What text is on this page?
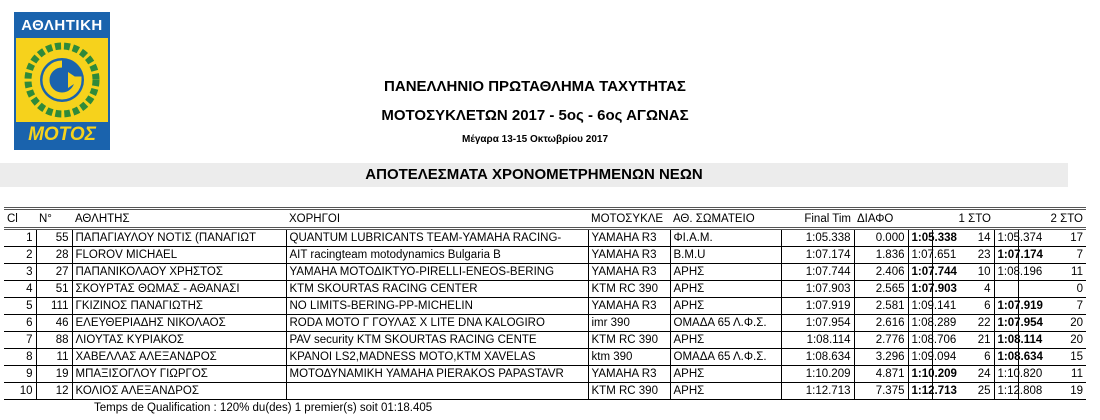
ΑΘΛΗΤΙΚΗ
ΜΟΤΟΣ
ΠΑΝΕΛΛΗΝΙΟ ΠΡΩΤΑΘΛΗΜΑ ΤΑΧΥΤΗΤΑΣ
ΜΟΤΟΣΥΚΛΕΤΩΝ 2017 - 5ος - 6ος ΑΓΩΝΑΣ
Μέγαρα 13-15 Οκτωβρίου 2017
ΑΠΟΤΕΛΕΣΜΑΤΑ ΧΡΟΝΟΜΕΤΡΗΜΕΝΩΝ ΝΕΩΝ
Cl	N°	ΑΘΛΗΤΗΣ	ΧΟΡΗΓΟΙ	ΜΟΤΟΣΥΚΛΕ	ΑΘ. ΣΩΜΑΤΕΙΟ	Final Tim	ΔΙΑΦΟ	1 ΣΤΟ		2 ΣΤΟ	
1	55	ΠΑΠΑΓΙΑΥΛΟΥ ΝΟΤΙΣ (ΠΑΝΑΓΙΩΤ	QUANTUM LUBRICANTS TEAM-YAMAHA RACING-	YAMAHA R3	ΦΙ.Α.Μ.	1:05.338	0.000	1:05.338	14	1:05.374	17
2	28	FLOROV MICHAEL	AIT racingteam motodynamics Bulgaria B	YAMAHA R3	B.M.U	1:07.174	1.836	1:07.651	23	1:07.174	7
3	27	ΠΑΠΑΝΙΚΟΛΑΟΥ ΧΡΗΣΤΟΣ	YAMAHA ΜΟΤΟΔΙΚΤΥΟ-PIRELLI-ENEOS-BERING	YAMAHA R3	ΑΡΗΣ	1:07.744	2.406	1:07.744	10	1:08.196	11
4	51	ΣΚΟΥΡΤΑΣ ΘΩΜΑΣ - ΑΘΑΝΑΣΙ	KTM SKOURTAS RACING CENTER	KTM RC 390	ΑΡΗΣ	1:07.903	2.565	1:07.903	4		0
5	111	ΓΚΙΖΙΝΟΣ ΠΑΝΑΓΙΩΤΗΣ	NO LIMITS-BERING-PP-MICHELIN	YAMAHA R3	ΑΡΗΣ	1:07.919	2.581	1:09.141	6	1:07.919	7
6	46	ΕΛΕΥΘΕΡΙΑΔΗΣ ΝΙΚΟΛΑΟΣ	RODA MOTO Γ ΓΟΥΛΑΣ X LITE DNA KALOGIRO	imr 390	ΟΜΑΔΑ 65 Λ.Φ.Σ.	1:07.954	2.616	1:08.289	22	1:07.954	20
7	88	ΛΙΟΥΤΑΣ ΚΥΡΙΑΚΟΣ	PAV security KTM SKOURTAS RACING CENTE	KTM RC 390	ΑΡΗΣ	1:08.114	2.776	1:08.706	21	1:08.114	20
8	11	ΧΑΒΕΛΛΑΣ ΑΛΕΞΑΝΔΡΟΣ	ΚΡΑΝΟΙ LS2,MADNESS MOTO,KTM XAVELAS	ktm 390	ΟΜΑΔΑ 65 Λ.Φ.Σ.	1:08.634	3.296	1:09.094	6	1:08.634	15
9	19	ΜΠΑΞΙΣΟΓΛΟΥ ΓΙΩΡΓΟΣ	ΜΟΤΟΔΥΝΑΜΙΚΗ YAMAHA PIERAKOS PAPASTAVR	YAMAHA R3	ΑΡΗΣ	1:10.209	4.871	1:10.209	24	1:10.820	11
10	12	ΚΟΛΙΟΣ ΑΛΕΞΑΝΔΡΟΣ		KTM RC 390	ΑΡΗΣ	1:12.713	7.375	1:12.713	25	1:12.808	19
Temps de Qualification : 120% du(des) 1 premier(s) soit 01:18.405
